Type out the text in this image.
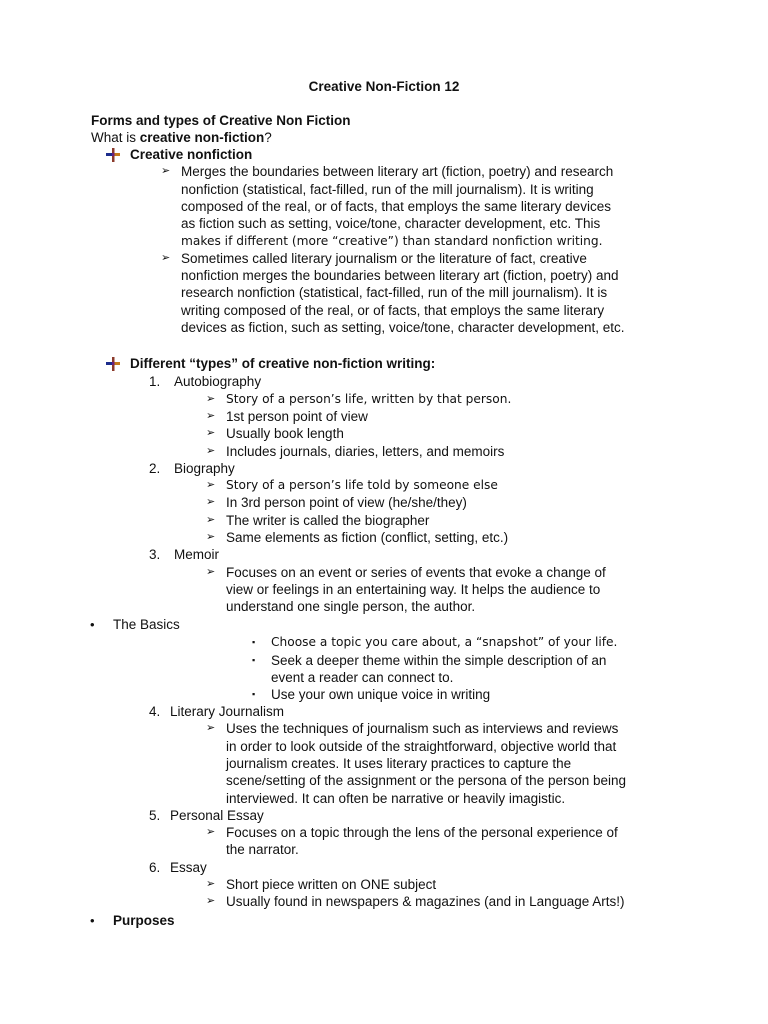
Creative Non-Fiction 12
Forms and types of Creative Non Fiction
What is creative non-fiction?
Creative nonfiction
➢ Merges the boundaries between literary art (fiction, poetry) and research
nonfiction (statistical, fact-filled, run of the mill journalism). It is writing
composed of the real, or of facts, that employs the same literary devices
as fiction such as setting, voice/tone, character development, etc. This
makes if different (more “creative”) than standard nonfiction writing.
➢ Sometimes called literary journalism or the literature of fact, creative
nonfiction merges the boundaries between literary art (fiction, poetry) and
research nonfiction (statistical, fact-filled, run of the mill journalism). It is
writing composed of the real, or of facts, that employs the same literary
devices as fiction, such as setting, voice/tone, character development, etc.
Different “types” of creative non-fiction writing:
1. Autobiography
➢ Story of a person’s life, written by that person.
➢ 1st person point of view
➢ Usually book length
➢ Includes journals, diaries, letters, and memoirs
2. Biography
➢ Story of a person’s life told by someone else
➢ In 3rd person point of view (he/she/they)
➢ The writer is called the biographer
➢ Same elements as fiction (conflict, setting, etc.)
3. Memoir
➢ Focuses on an event or series of events that evoke a change of
view or feelings in an entertaining way. It helps the audience to
understand one single person, the author.
• The Basics
▪ Choose a topic you care about, a “snapshot” of your life.
▪ Seek a deeper theme within the simple description of an
event a reader can connect to.
▪ Use your own unique voice in writing
4. Literary Journalism
➢ Uses the techniques of journalism such as interviews and reviews
in order to look outside of the straightforward, objective world that
journalism creates. It uses literary practices to capture the
scene/setting of the assignment or the persona of the person being
interviewed. It can often be narrative or heavily imagistic.
5. Personal Essay
➢ Focuses on a topic through the lens of the personal experience of
the narrator.
6. Essay
➢ Short piece written on ONE subject
➢ Usually found in newspapers & magazines (and in Language Arts!)
• Purposes
